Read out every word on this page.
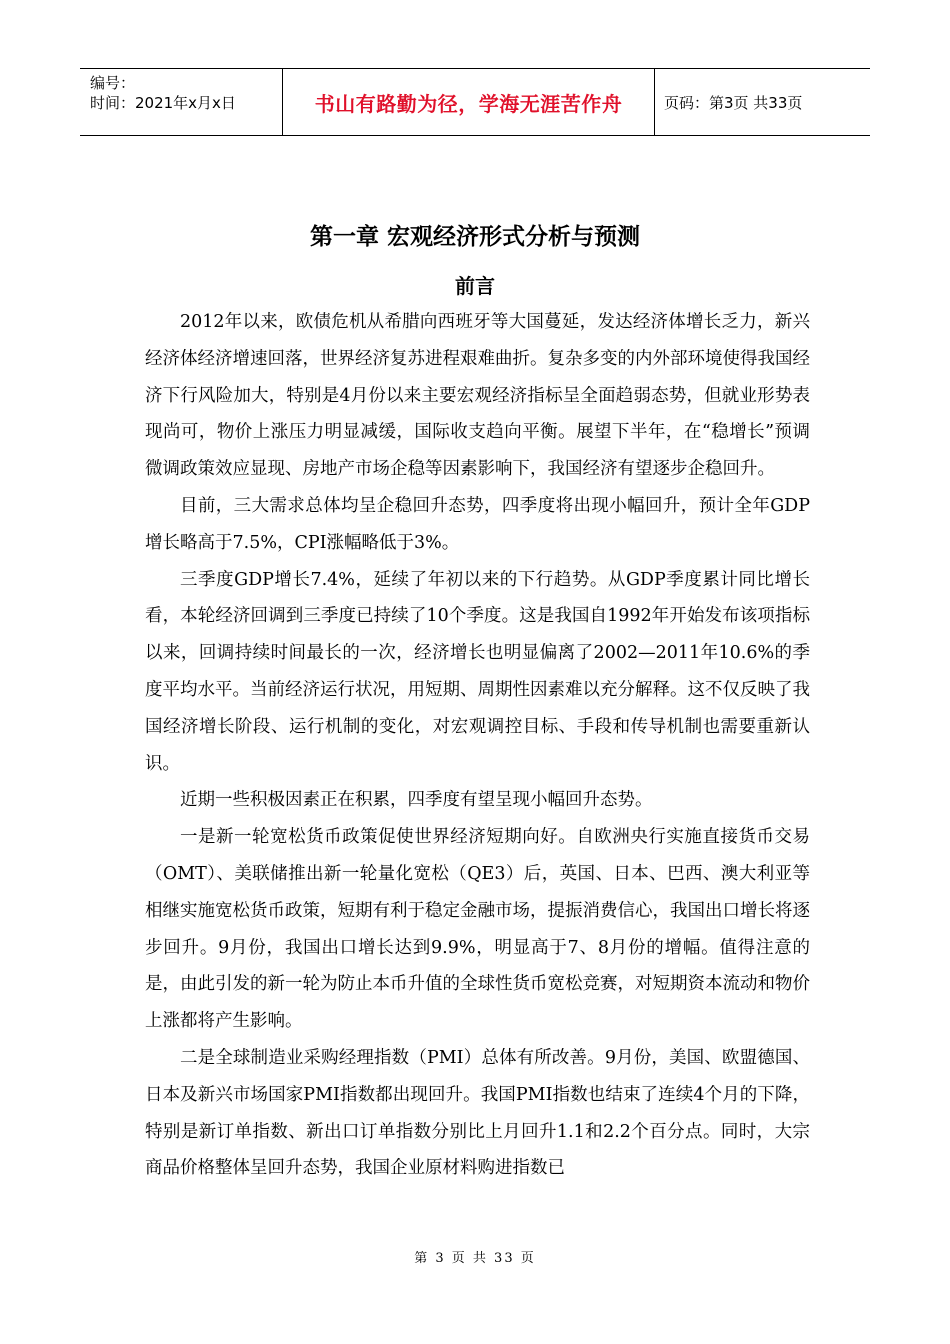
编号：
时间：2021年x月x日	书山有路勤为径，学海无涯苦作舟	页码：第3页 共33页
第一章 宏观经济形式分析与预测
前言

2012年以来，欧债危机从希腊向西班牙等大国蔓延，发达经济体增长乏力，新兴经济体经济增速回落，世界经济复苏进程艰难曲折。复杂多变的内外部环境使得我国经济下行风险加大，特别是4月份以来主要宏观经济指标呈全面趋弱态势，但就业形势表现尚可，物价上涨压力明显减缓，国际收支趋向平衡。展望下半年，在“稳增长”预调微调政策效应显现、房地产市场企稳等因素影响下，我国经济有望逐步企稳回升。

目前，三大需求总体均呈企稳回升态势，四季度将出现小幅回升，预计全年GDP增长略高于7.5%，CPI涨幅略低于3%。

三季度GDP增长7.4%，延续了年初以来的下行趋势。从GDP季度累计同比增长看，本轮经济回调到三季度已持续了10个季度。这是我国自1992年开始发布该项指标以来，回调持续时间最长的一次，经济增长也明显偏离了2002—2011年10.6%的季度平均水平。当前经济运行状况，用短期、周期性因素难以充分解释。这不仅反映了我国经济增长阶段、运行机制的变化，对宏观调控目标、手段和传导机制也需要重新认识。

近期一些积极因素正在积累，四季度有望呈现小幅回升态势。

一是新一轮宽松货币政策促使世界经济短期向好。自欧洲央行实施直接货币交易（OMT）、美联储推出新一轮量化宽松（QE3）后，英国、日本、巴西、澳大利亚等相继实施宽松货币政策，短期有利于稳定金融市场，提振消费信心，我国出口增长将逐步回升。9月份，我国出口增长达到9.9%，明显高于7、8月份的增幅。值得注意的是，由此引发的新一轮为防止本币升值的全球性货币宽松竞赛，对短期资本流动和物价上涨都将产生影响。

二是全球制造业采购经理指数（PMI）总体有所改善。9月份，美国、欧盟德国、日本及新兴市场国家PMI指数都出现回升。我国PMI指数也结束了连续4个月的下降，特别是新订单指数、新出口订单指数分别比上月回升1.1和2.2个百分点。同时，大宗商品价格整体呈回升态势，我国企业原材料购进指数已

第 3 页 共 33 页
